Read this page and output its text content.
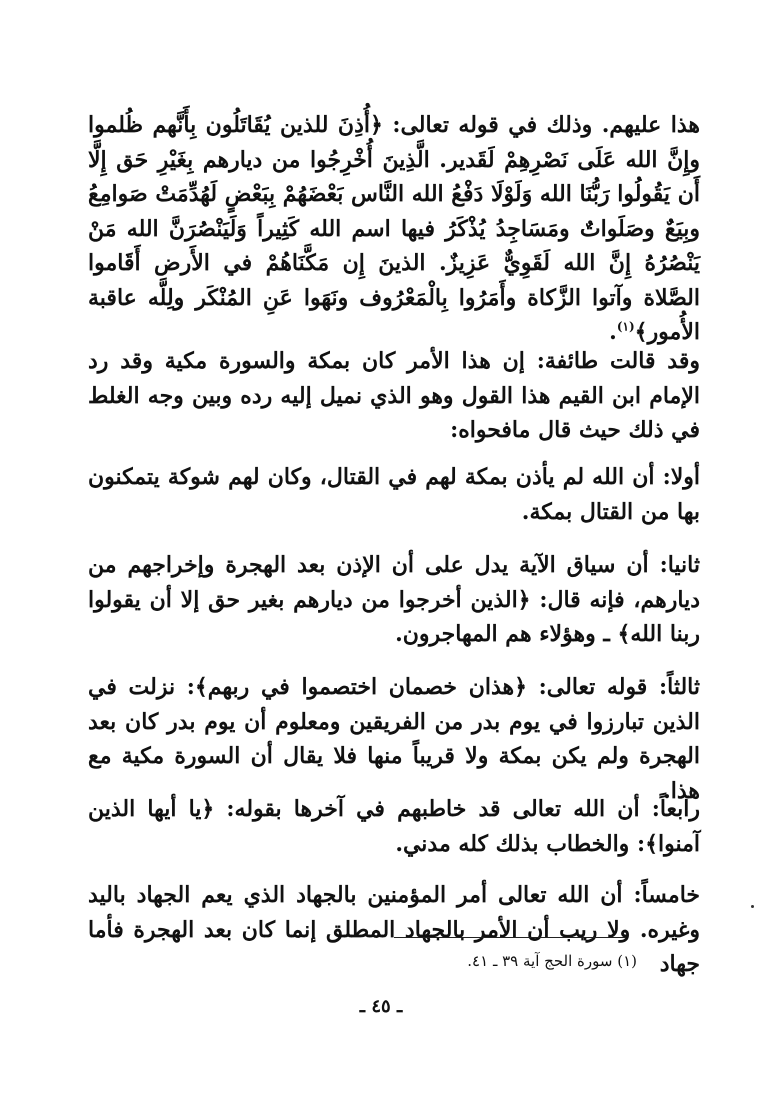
هذا عليهم. وذلك في قوله تعالى: ﴿أُذِنَ للذين يُقَاتَلُون بِأَنَّهم ظُلموا وإِنَّ الله عَلَى نَصْرِهِمْ لَقَدير. الَّذِينَ أُخْرِجُوا من ديارهم بِغَيْرِ حَق إِلَّا أَن يَقُولُوا رَبُّنَا الله وَلَوْلَا دَفْعُ الله النَّاس بَعْضَهُمْ بِبَعْضٍ لَهُدِّمَتْ صَوامِعُ وبِيَعٌ وصَلَواتٌ ومَسَاجِدُ يُذْكَرُ فيها اسم الله كَثِيراً وَلَيَنْصُرَنَّ الله مَنْ يَنْصُرُهُ إِنَّ الله لَقَوِيٌّ عَزِيزٌ. الذينَ إِن مَكَّنَاهُمْ في الأَرض أَقَاموا الصَّلاة وآتوا الزَّكاة وأَمَرُوا بِالْمَعْرُوف ونَهَوا عَنِ المُنْكَر ولِلَّه عاقبة الأُمور﴾$^{(١)}$.

وقد قالت طائفة: إن هذا الأمر كان بمكة والسورة مكية وقد رد الإمام ابن القيم هذا القول وهو الذي نميل إليه رده وبين وجه الغلط في ذلك حيث قال مافحواه:

أولا: أن الله لم يأذن بمكة لهم في القتال، وكان لهم شوكة يتمكنون بها من القتال بمكة.

ثانيا: أن سياق الآية يدل على أن الإذن بعد الهجرة وإخراجهم من ديارهم، فإنه قال: ﴿الذين أخرجوا من ديارهم بغير حق إلا أن يقولوا ربنا الله﴾ ـ وهؤلاء هم المهاجرون.

ثالثاً: قوله تعالى: ﴿هذان خصمان اختصموا في ربهم﴾: نزلت في الذين تبارزوا في يوم بدر من الفريقين ومعلوم أن يوم بدر كان بعد الهجرة ولم يكن بمكة ولا قريباً منها فلا يقال أن السورة مكية مع هذا.

رابعاً: أن الله تعالى قد خاطبهم في آخرها بقوله: ﴿يا أيها الذين آمنوا﴾: والخطاب بذلك كله مدني.

خامساً: أن الله تعالى أمر المؤمنين بالجهاد الذي يعم الجهاد باليد وغيره. ولا ريب أن الأمر بالجهاد المطلق إنما كان بعد الهجرة فأما جهاد

(١) سورة الحج آية ٣٩ ـ ٤١.
ـ ٤٥ ـ
